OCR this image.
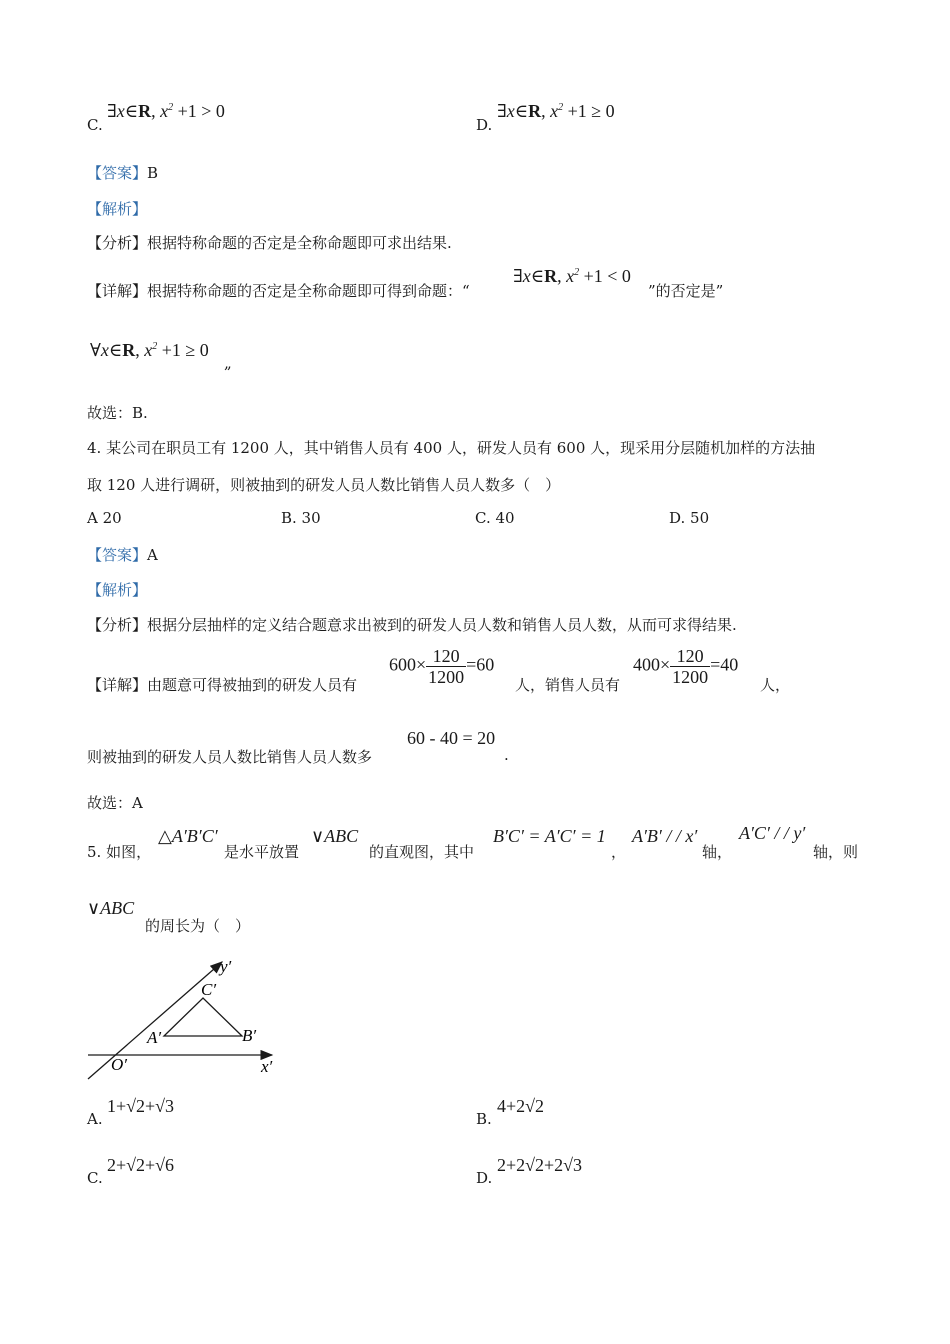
C.
∃x∈R, $x^2 +1 > 0$
D.
∃x∈R, $x^2 +1 \ge 0$
【答案】B
【解析】
【分析】根据特称命题的否定是全称命题即可求出结果.
【详解】根据特称命题的否定是全称命题即可得到命题：“
∃x∈R, $x^2 +1 < 0$
”的否定是”
∀x∈R, $x^2 +1 \ge 0$
„
故选：B.
4. 某公司在职员工有 1200 人，其中销售人员有 400 人，研发人员有 600 人，现采用分层随机加样的方法抽
取 120 人进行调研，则被抽到的研发人员人数比销售人员人数多（　）
A 20	B. 30	C. 40	D. 50
【答案】A
【解析】
【分析】根据分层抽样的定义结合题意求出被到的研发人员人数和销售人员人数，从而可求得结果.
【详解】由题意可得被抽到的研发人员有
$600\times \frac{120}{1200} =60$
人，销售人员有
$400\times \frac{120}{1200} =40$
人，
则被抽到的研发人员人数比销售人员人数多
60 - 40 = 20
.
故选：A
5. 如图，
△A′B′C′
是水平放置
∨ABC
的直观图，其中
B′C′ = A′C′ = 1
，
A′B′ / / x′
轴，
A′C′ / / y′
轴，则
∨ABC
的周长为（　）
y′
x′
O′
A′	B′
C′
A.
1+√2+√3
B.
4+2√2
C.
2+√2+√6
D.
2+2√2+2√3
